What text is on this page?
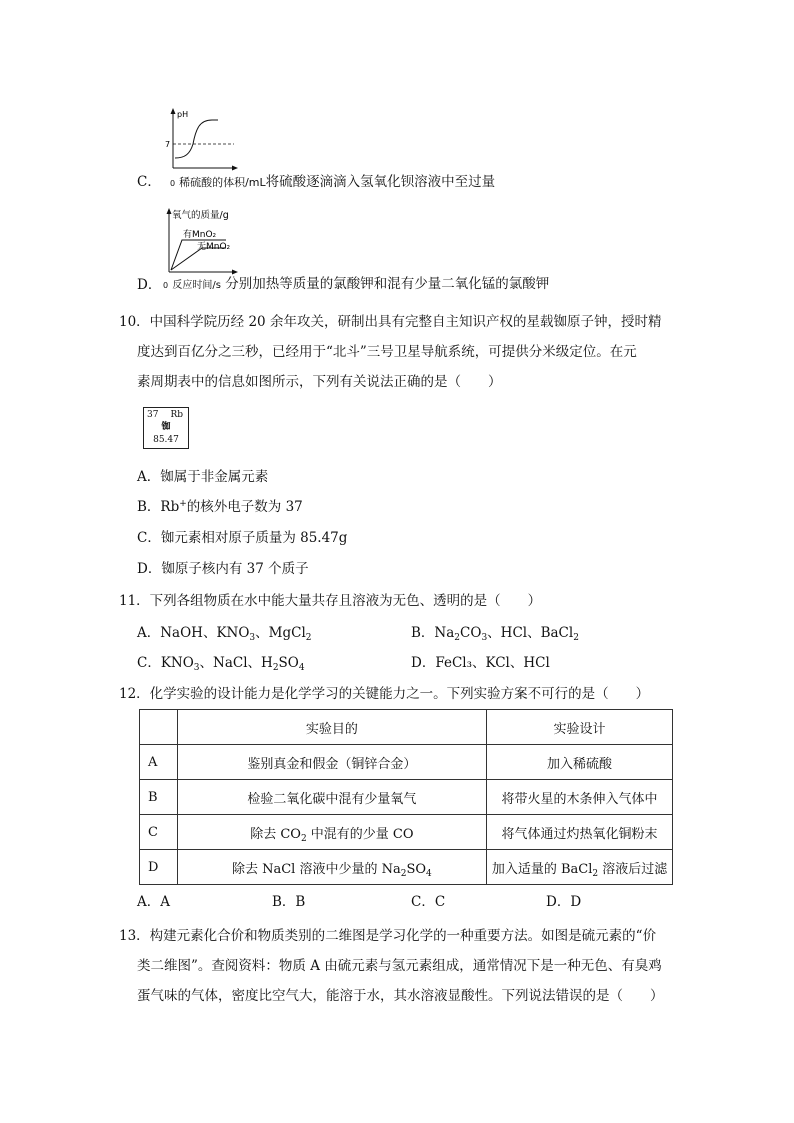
pH
7
C． 0 稀硫酸的体积/mL将硫酸逐滴滴入氢氧化钡溶液中至过量
氧气的质量/g
有MnO₂
无MnO₂
D． 0 反应时间/s 分别加热等质量的氯酸钾和混有少量二氧化锰的氯酸钾
10．中国科学院历经 20 余年攻关，研制出具有完整自主知识产权的星载铷原子钟，授时精
度达到百亿分之三秒，已经用于“北斗”三号卫星导航系统，可提供分米级定位。在元
素周期表中的信息如图所示，下列有关说法正确的是（　　）
37 Rb
铷
85.47
A．铷属于非金属元素
B．Rb+的核外电子数为 37
C．铷元素相对原子质量为 85.47g
D．铷原子核内有 37 个质子
11．下列各组物质在水中能大量共存且溶液为无色、透明的是（　　）
A．NaOH、$KNO_3$、MgCl$_2$	B．$Na_2CO_3$、HCl、BaCl$_2$
C．$KNO_3$、NaCl、$H_2SO_4$	D．FeCl₃、KCl、HCl
12．化学实验的设计能力是化学学习的关键能力之一。下列实验方案不可行的是（　　）
	实验目的	实验设计
A	鉴别真金和假金（铜锌合金）	加入稀硫酸
B	检验二氧化碳中混有少量氧气	将带火星的木条伸入气体中
C	除去 $CO_2$ 中混有的少量 CO	将气体通过灼热氧化铜粉末
D	除去 NaCl 溶液中少量的 $Na_2SO_4$	加入适量的 BaCl$_2$ 溶液后过滤
A．A	B．B	C．C	D．D
13．构建元素化合价和物质类别的二维图是学习化学的一种重要方法。如图是硫元素的“价
类二维图”。查阅资料：物质 A 由硫元素与氢元素组成，通常情况下是一种无色、有臭鸡
蛋气味的气体，密度比空气大，能溶于水，其水溶液显酸性。下列说法错误的是（　　）
